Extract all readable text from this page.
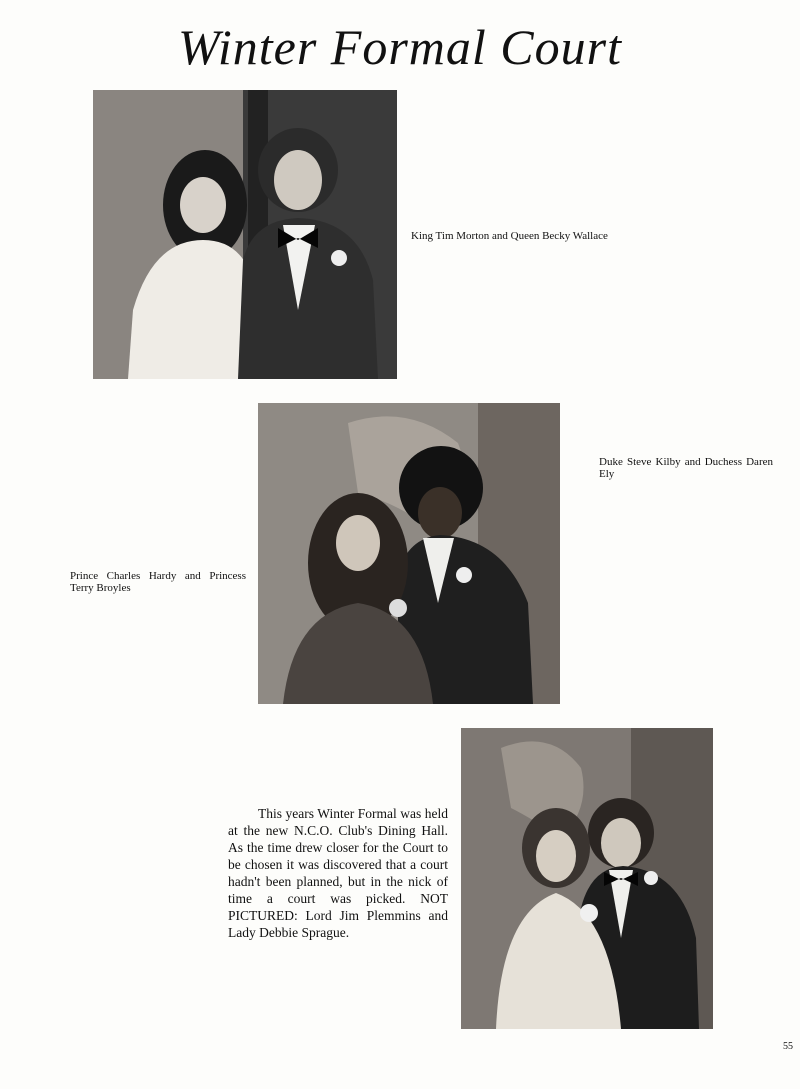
Winter Formal Court
King Tim Morton and Queen Becky Wallace
Duke Steve Kilby and Duchess Daren Ely
Prince Charles Hardy and Princess Terry Broyles
This years Winter Formal was held at the new N.C.O. Club's Dining Hall. As the time drew closer for the Court to be chosen it was discovered that a court hadn't been planned, but in the nick of time a court was picked. NOT PICTURED: Lord Jim Plemmins and Lady Debbie Sprague.
55
